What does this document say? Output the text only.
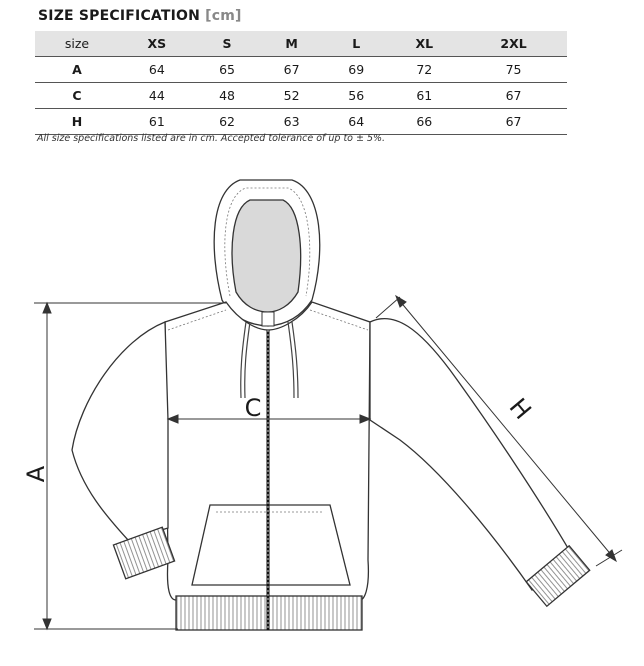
SIZE SPECIFICATION [cm]
size	XS	S	M	L	XL	2XL
A	64	65	67	69	72	75
C	44	48	52	56	61	67
H	61	62	63	64	66	67
All size specifications listed are in cm. Accepted tolerance of up to ± 5%.
A
C	H
